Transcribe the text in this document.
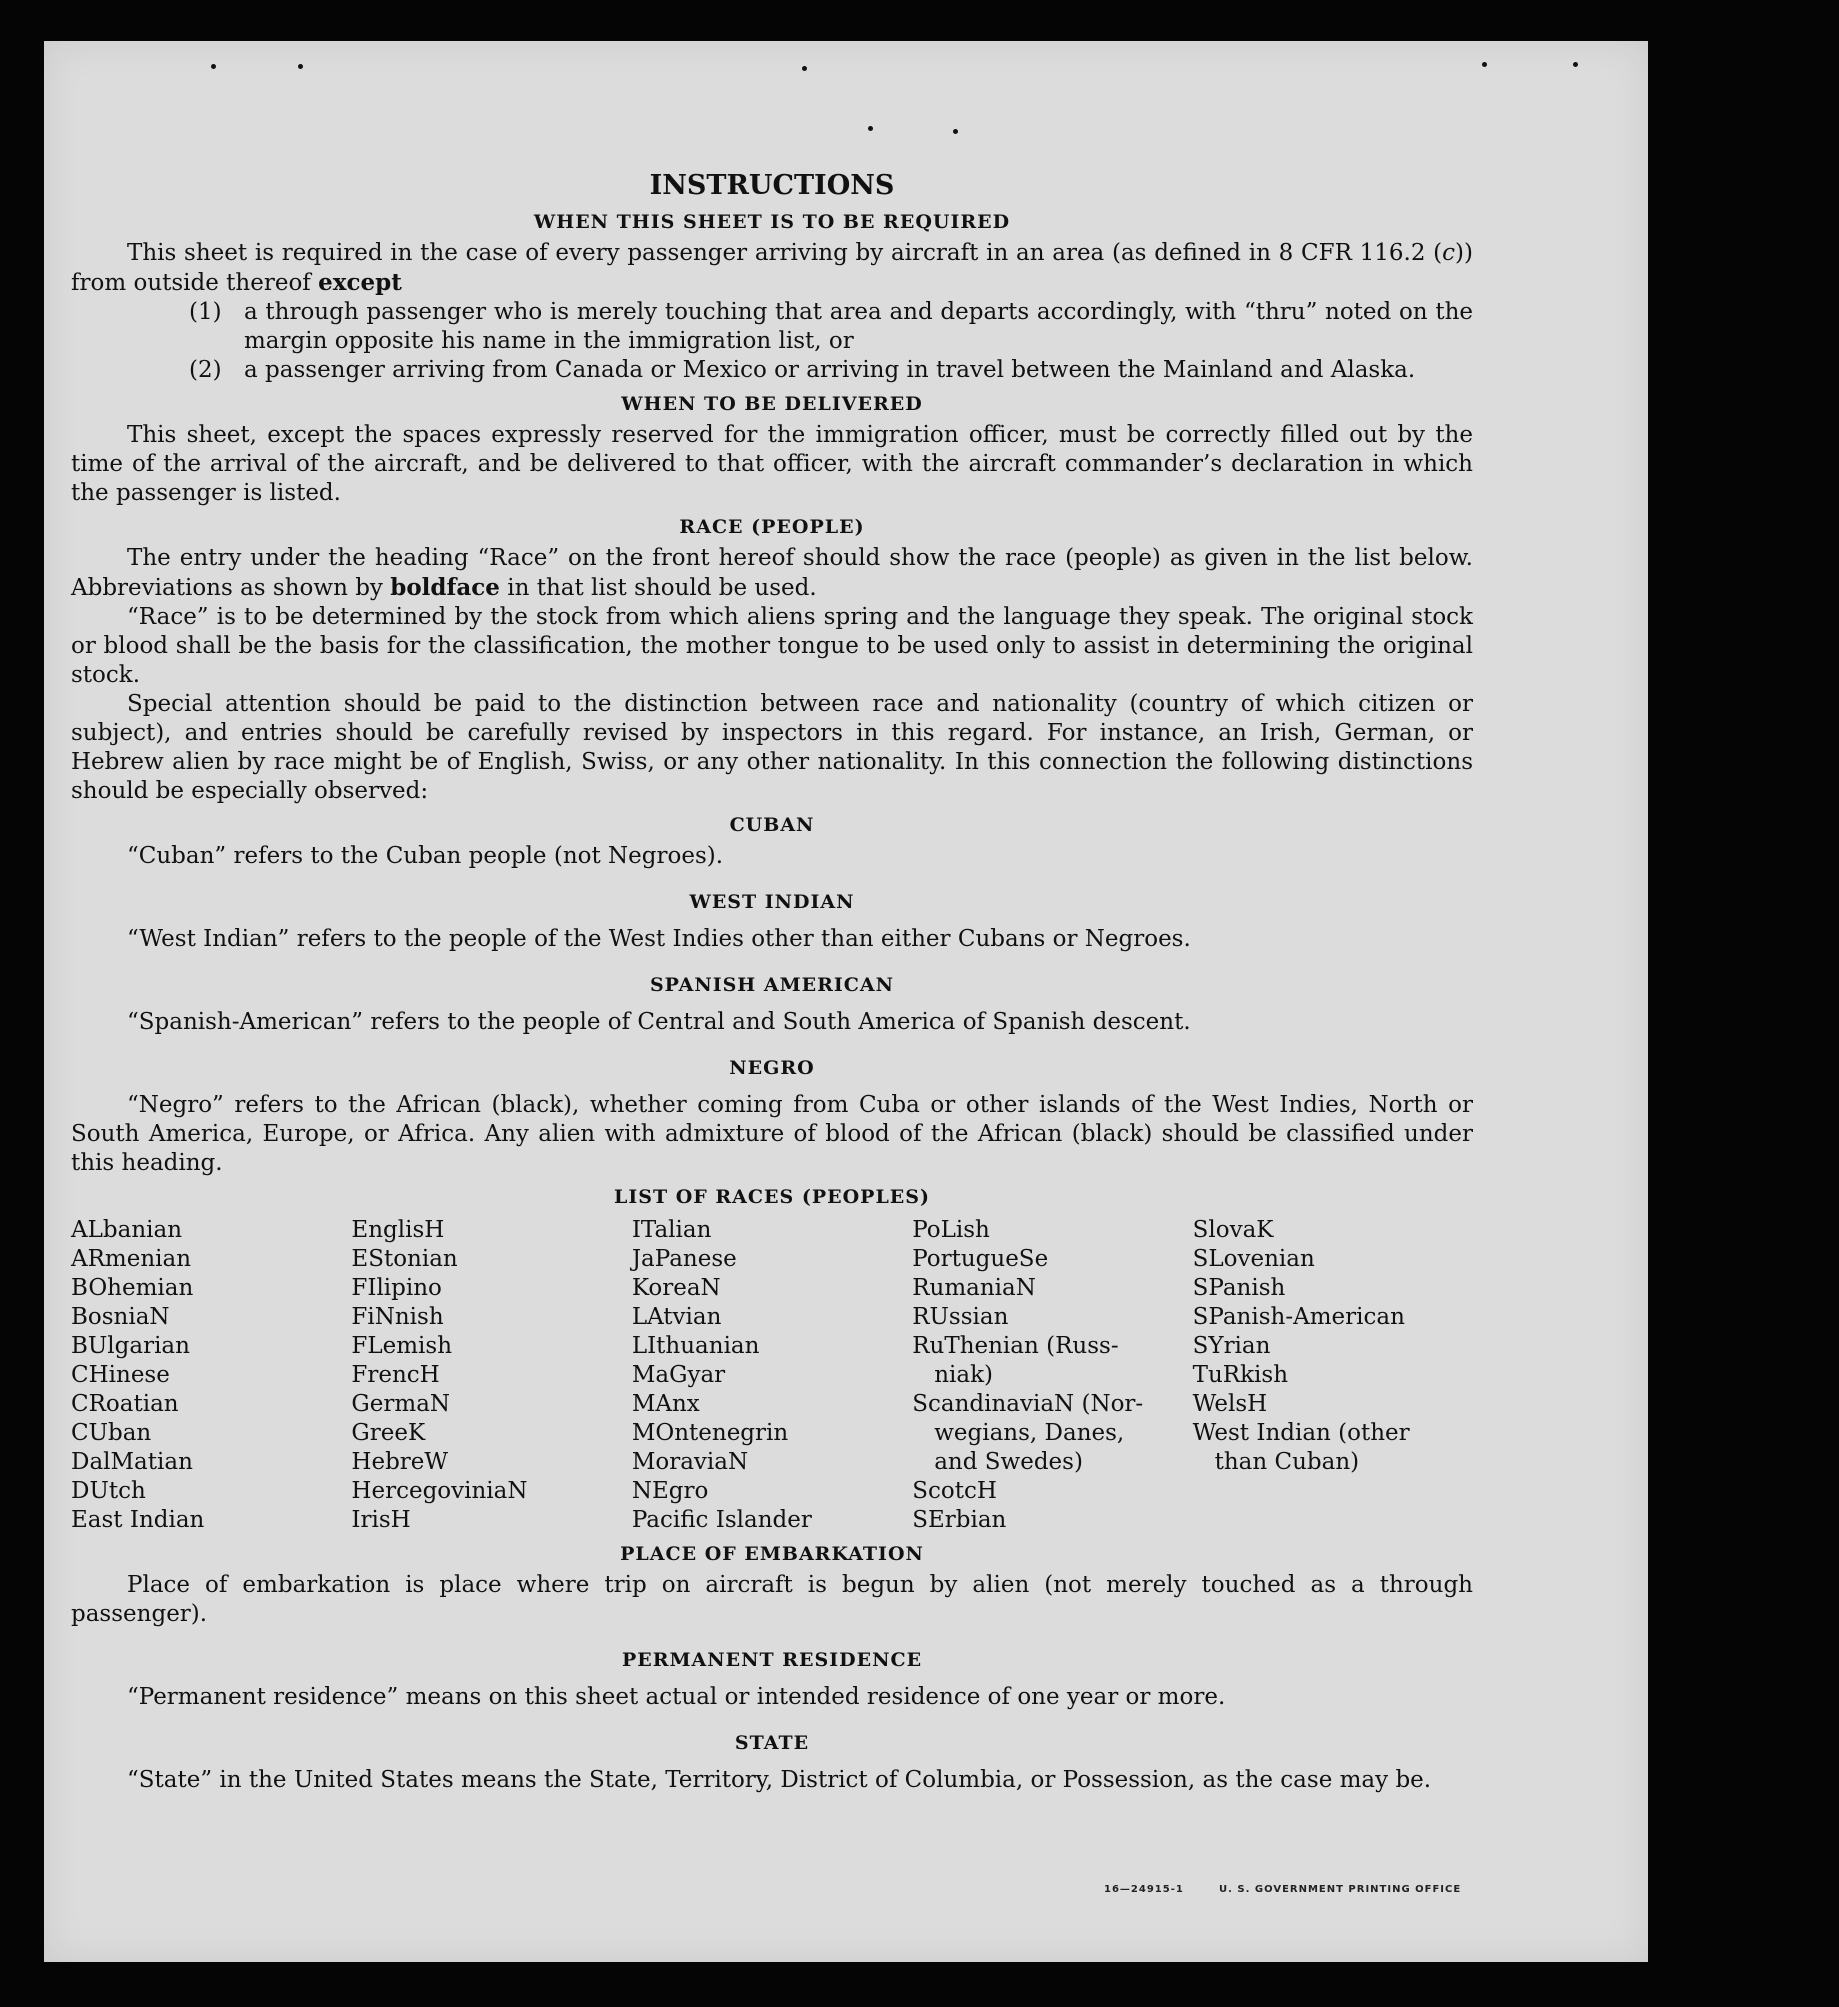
INSTRUCTIONS
WHEN THIS SHEET IS TO BE REQUIRED

This sheet is required in the case of every passenger arriving by aircraft in an area (as defined in 8 CFR 116.2 (c)) from outside thereof except

(1) a through passenger who is merely touching that area and departs accordingly, with “thru” noted on the margin opposite his name in the immigration list, or
(2) a passenger arriving from Canada or Mexico or arriving in travel between the Mainland and Alaska.
WHEN TO BE DELIVERED

This sheet, except the spaces expressly reserved for the immigration officer, must be correctly filled out by the time of the arrival of the aircraft, and be delivered to that officer, with the aircraft commander’s declaration in which the passenger is listed.

RACE (PEOPLE)

The entry under the heading “Race” on the front hereof should show the race (people) as given in the list below. Abbreviations as shown by boldface in that list should be used.

“Race” is to be determined by the stock from which aliens spring and the language they speak. The original stock or blood shall be the basis for the classification, the mother tongue to be used only to assist in determining the original stock.

Special attention should be paid to the distinction between race and nationality (country of which citizen or subject), and entries should be carefully revised by inspectors in this regard. For instance, an Irish, German, or Hebrew alien by race might be of English, Swiss, or any other nationality. In this connection the following distinctions should be especially observed:

CUBAN

“Cuban” refers to the Cuban people (not Negroes).

WEST INDIAN

“West Indian” refers to the people of the West Indies other than either Cubans or Negroes.

SPANISH AMERICAN

“Spanish-American” refers to the people of Central and South America of Spanish descent.

NEGRO

“Negro” refers to the African (black), whether coming from Cuba or other islands of the West Indies, North or South America, Europe, or Africa. Any alien with admixture of blood of the African (black) should be classified under this heading.

LIST OF RACES (PEOPLES)
ALbanian
ARmenian
BOhemian
BosniaN
BUlgarian
CHinese
CRoatian
CUban
DalMatian
DUtch
East Indian
EnglisH
EStonian
FIlipino
FiNnish
FLemish
FrencH
GermaN
GreeK
HebreW
HercegoviniaN
IrisH
ITalian
JaPanese
KoreaN
LAtvian
LIthuanian
MaGyar
MAnx
MOntenegrin
MoraviaN
NEgro
Pacific Islander
PoLish
PortugueSe
RumaniaN
RUssian
RuThenian (Russ-
niak)
ScandinaviaN (Nor-
wegians, Danes,
and Swedes)
ScotcH
SErbian
SlovaK
SLovenian
SPanish
SPanish-American
SYrian
TuRkish
WelsH
West Indian (other
than Cuban)
PLACE OF EMBARKATION

Place of embarkation is place where trip on aircraft is begun by alien (not merely touched as a through passenger).

PERMANENT RESIDENCE

“Permanent residence” means on this sheet actual or intended residence of one year or more.

STATE

“State” in the United States means the State, Territory, District of Columbia, or Possession, as the case may be.

16—24915-1	U. S. GOVERNMENT PRINTING OFFICE
